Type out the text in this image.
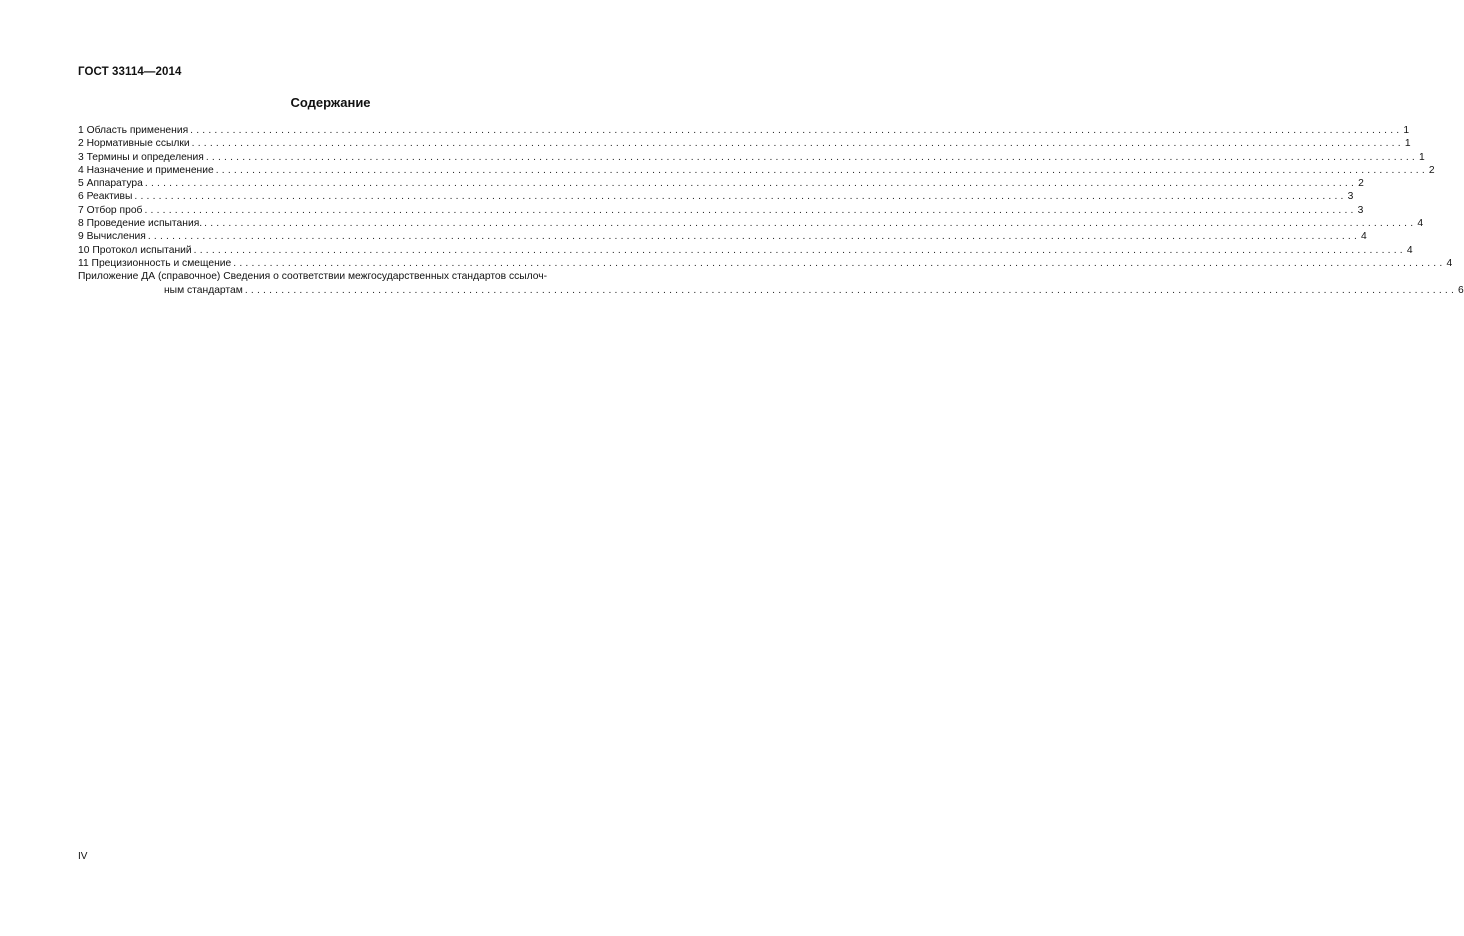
ГОСТ 33114—2014
Содержание
1 Область применения ........................................................................................................................................................................................................ 1
2 Нормативные ссылки ........................................................................................................................................................................................................ 1
3 Термины и определения ........................................................................................................................................................................................................ 1
4 Назначение и применение ........................................................................................................................................................................................................ 2
5 Аппаратура ........................................................................................................................................................................................................ 2
6 Реактивы ........................................................................................................................................................................................................ 3
7 Отбор проб ........................................................................................................................................................................................................ 3
8 Проведение испытания. ........................................................................................................................................................................................................ 4
9 Вычисления ........................................................................................................................................................................................................ 4
10 Протокол испытаний ........................................................................................................................................................................................................ 4
11 Прецизионность и смещение ........................................................................................................................................................................................................ 4
Приложение ДА (справочное) Сведения о соответствии межгосударственных стандартов ссылоч-
ным стандартам ........................................................................................................................................................................................................ 6
IV
